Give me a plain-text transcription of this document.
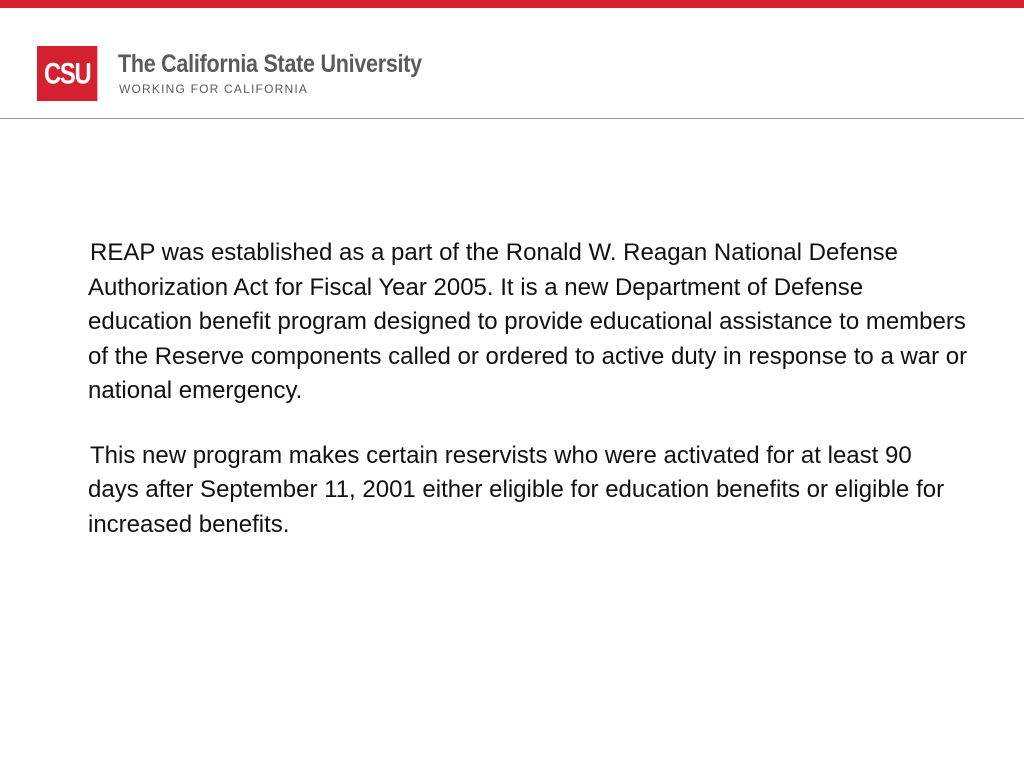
CSU The California State University
WORKING FOR CALIFORNIA

REAP was established as a part of the Ronald W. Reagan National Defense Authorization Act for Fiscal Year 2005. It is a new Department of Defense education benefit program designed to provide educational assistance to members of the Reserve components called or ordered to active duty in response to a war or national emergency.

This new program makes certain reservists who were activated for at least 90 days after September 11, 2001 either eligible for education benefits or eligible for increased benefits.
